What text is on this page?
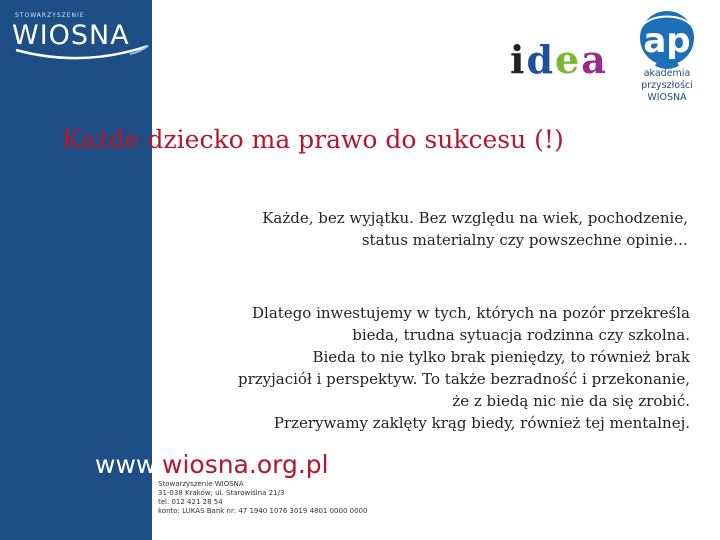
STOWARZYSZENIE
WIOSNA
idea ap
akademia
przyszłości
WIOSNA
Każde dziecko ma prawo do sukcesu (!)
Każde, bez wyjątku. Bez względu na wiek, pochodzenie,
status materialny czy powszechne opinie…
Dlatego inwestujemy w tych, których na pozór przekreśla
bieda, trudna sytuacja rodzinna czy szkolna.
Bieda to nie tylko brak pieniędzy, to również brak
przyjaciół i perspektyw. To także bezradność i przekonanie,
że z biedą nic nie da się zrobić.
Przerywamy zaklęty krąg biedy, również tej mentalnej.
www.wiosna.org.pl
Stowarzyszenie WIOSNA
31-038 Kraków; ul. Starowiślna 21/3
tel. 012 421 28 54
konto: LUKAS Bank nr: 47 1940 1076 3019 4801 0000 0000
